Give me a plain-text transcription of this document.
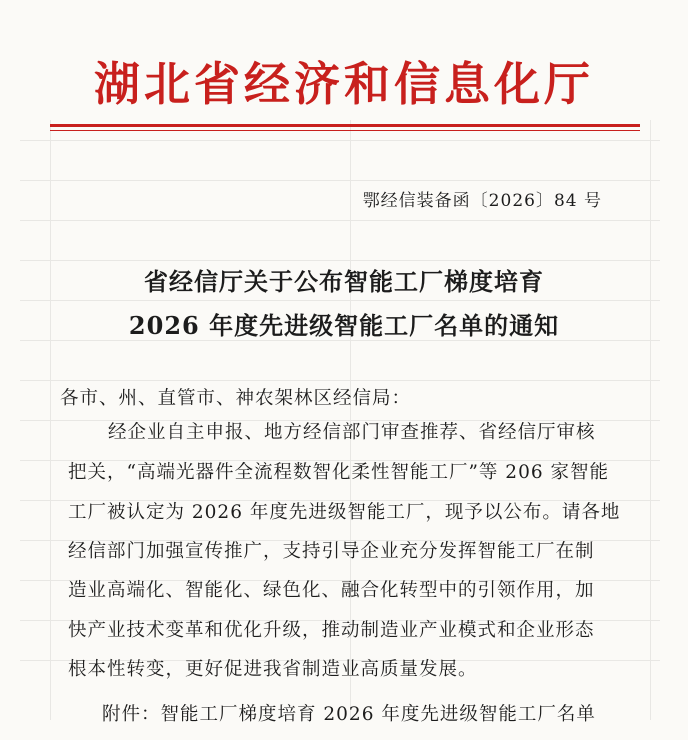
湖北省经济和信息化厅
鄂经信装备函〔2026〕84 号
省经信厅关于公布智能工厂梯度培育
2026 年度先进级智能工厂名单的通知
各市、州、直管市、神农架林区经信局：
经企业自主申报、地方经信部门审查推荐、省经信厅审核
把关，“高端光器件全流程数智化柔性智能工厂”等 206 家智能
工厂被认定为 2026 年度先进级智能工厂，现予以公布。请各地
经信部门加强宣传推广，支持引导企业充分发挥智能工厂在制
造业高端化、智能化、绿色化、融合化转型中的引领作用，加
快产业技术变革和优化升级，推动制造业产业模式和企业形态
根本性转变，更好促进我省制造业高质量发展。
附件：智能工厂梯度培育 2026 年度先进级智能工厂名单
